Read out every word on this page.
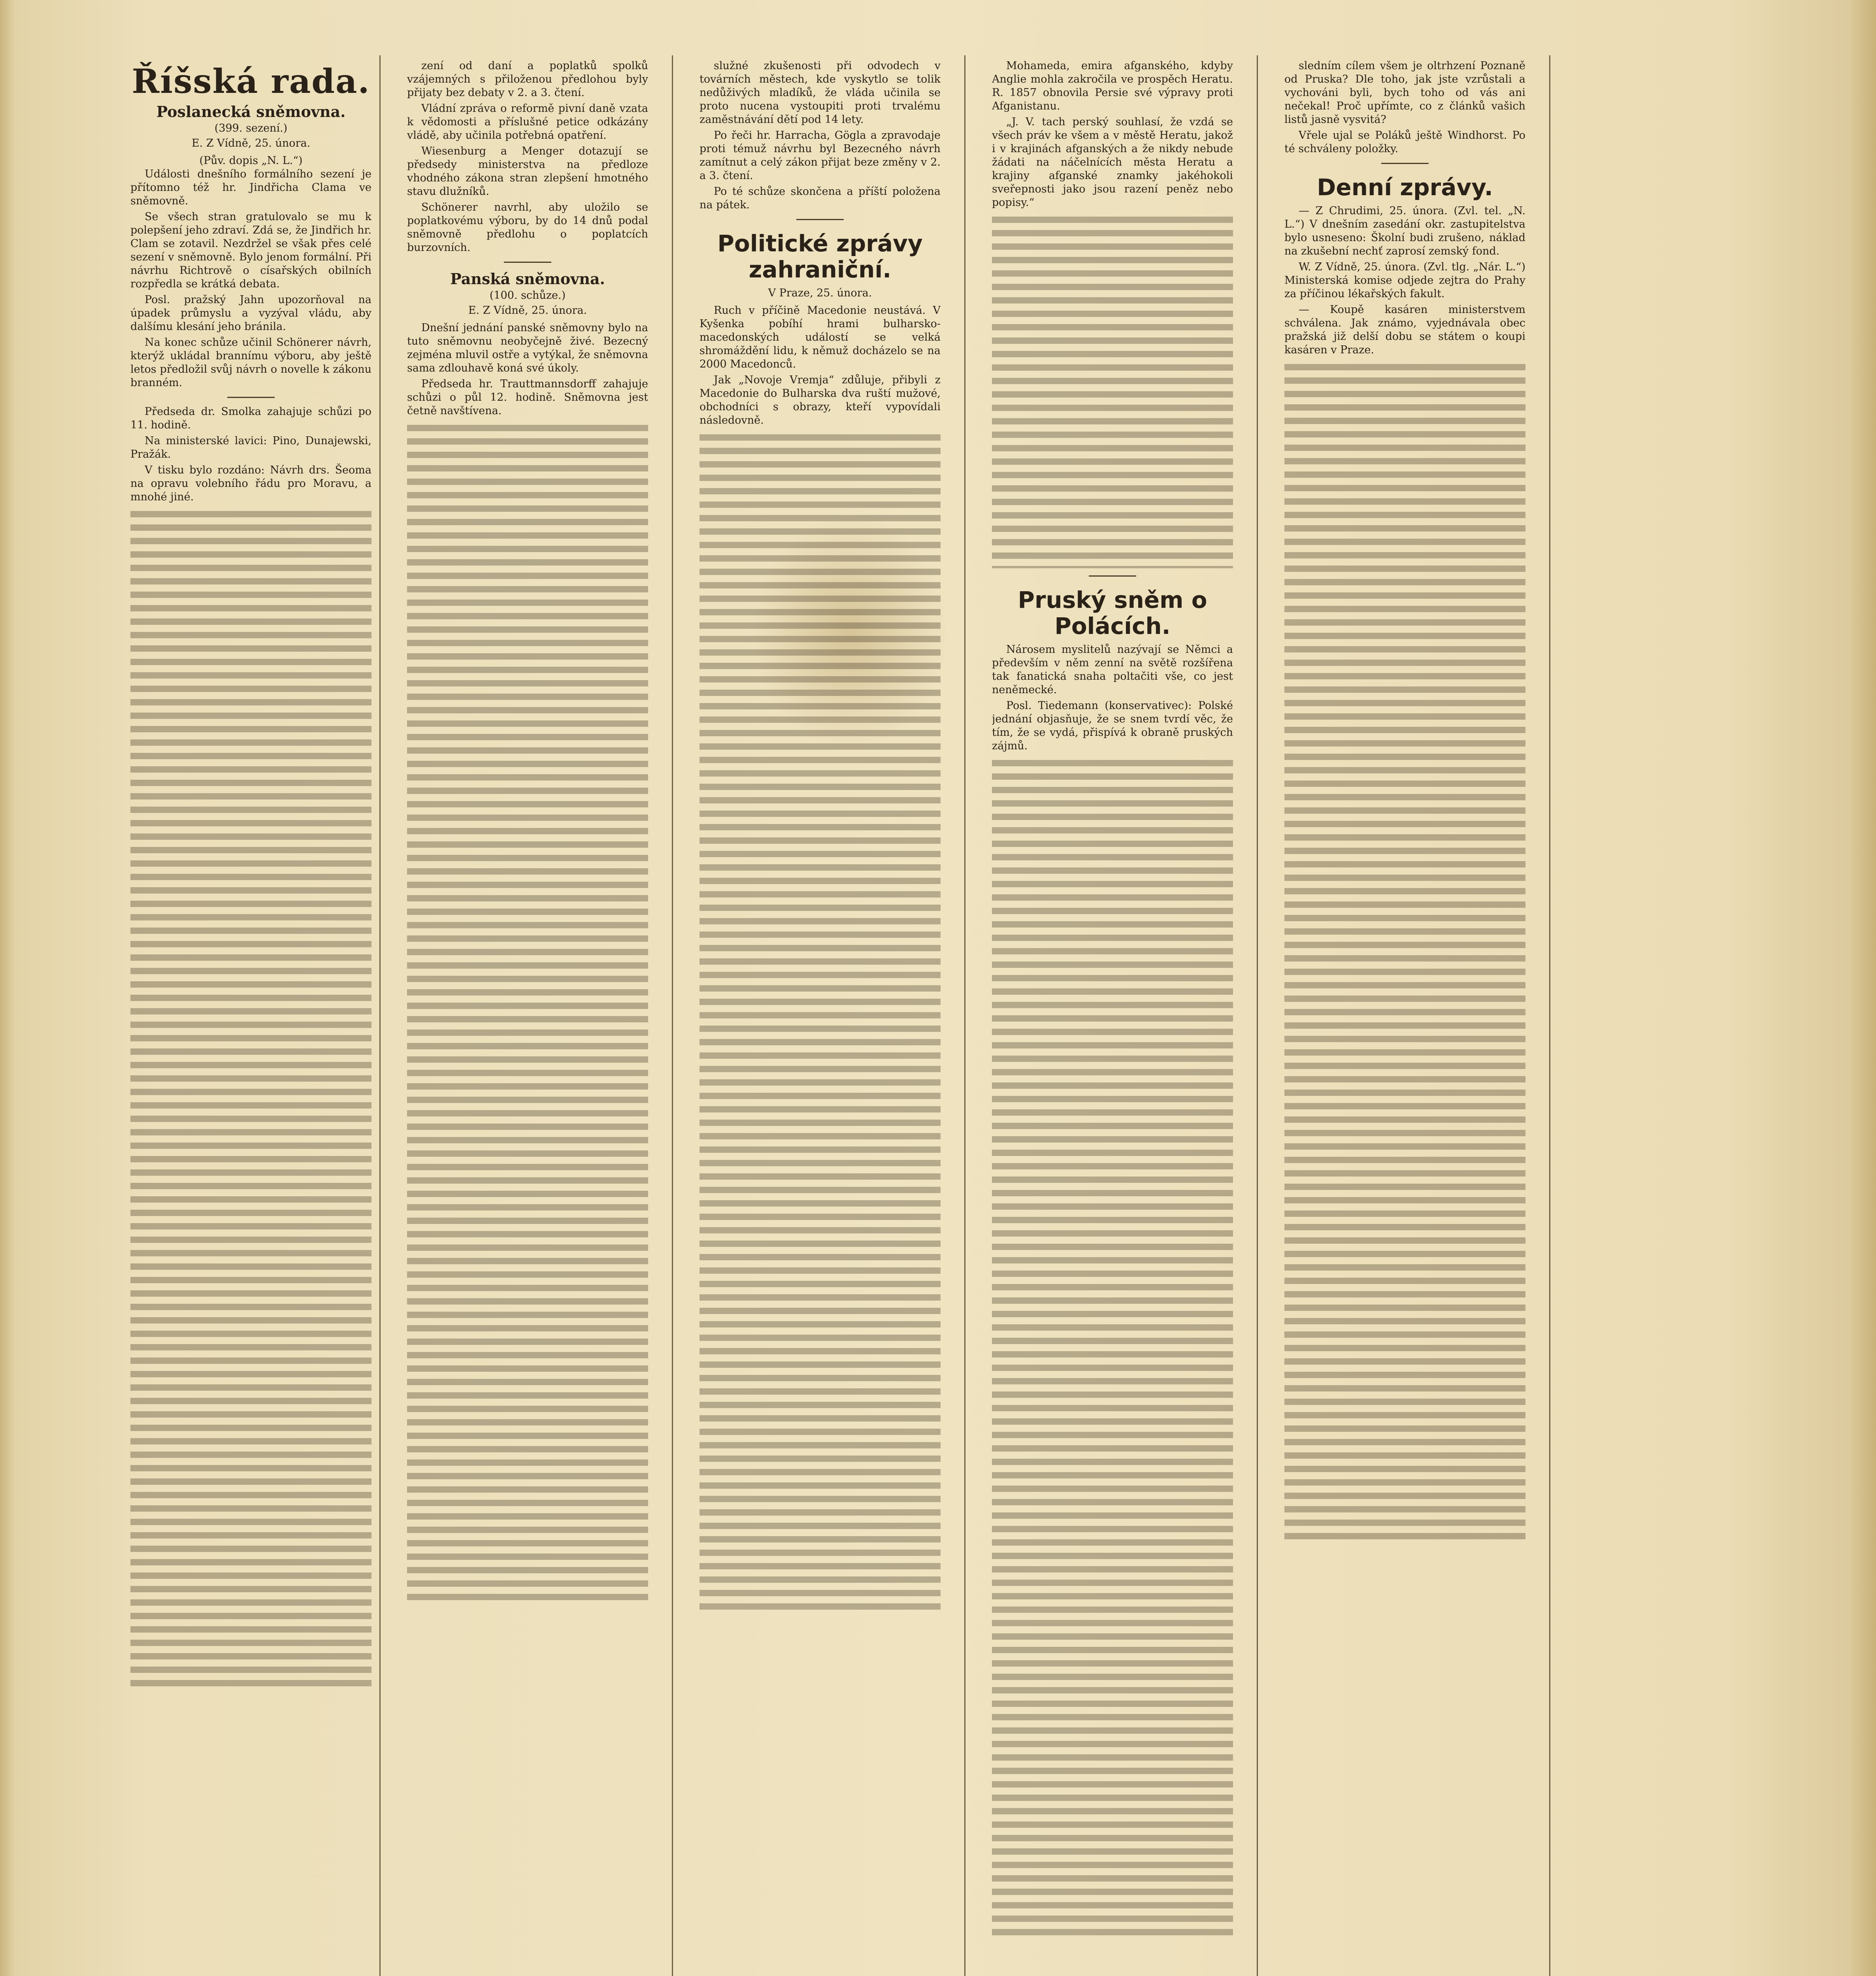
Říšská rada.
Poslanecká sněmovna.
(399. sezení.)
E. Z Vídně, 25. února.
(Pův. dopis „N. L.“)

Události dnešního formálního sezení je přítomno též hr. Jindřicha Clama ve sněmovně.

Se všech stran gratulovalo se mu k polepšení jeho zdraví. Zdá se, že Jindřich hr. Clam se zotavil. Nezdržel se však přes celé sezení v sněmovně. Bylo jenom formální. Při návrhu Richtrově o císařských obilních rozpředla se krátká debata.

Posl. pražský Jahn upozorňoval na úpadek průmyslu a vyzýval vládu, aby dalšímu klesání jeho bránila.

Na konec schůze učinil Schönerer návrh, kterýž ukládal brannímu výboru, aby ještě letos předložil svůj návrh o novelle k zákonu branném.

Předseda dr. Smolka zahajuje schůzi po 11. hodině.

Na ministerské lavici: Pino, Dunajewski, Pražák.

V tisku bylo rozdáno: Návrh drs. Šeoma na opravu volebního řádu pro Moravu, a mnohé jiné.

zení od daní a poplatků spolků vzájemných s přiloženou předlohou byly přijaty bez debaty v 2. a 3. čtení.

Vládní zpráva o reformě pivní daně vzata k vědomosti a příslušné petice odkázány vládě, aby učinila potřebná opatření.

Wiesenburg a Menger dotazují se předsedy ministerstva na předloze vhodného zákona stran zlepšení hmotného stavu dlužníků.

Schönerer navrhl, aby uložilo se poplatkovému výboru, by do 14 dnů podal sněmovně předlohu o poplatcích burzovních.

Panská sněmovna.
(100. schůze.)
E. Z Vídně, 25. února.

Dnešní jednání panské sněmovny bylo na tuto sněmovnu neobyčejně živé. Bezecný zejména mluvil ostře a vytýkal, že sněmovna sama zdlouhavě koná své úkoly.

Předseda hr. Trauttmannsdorff zahajuje schůzi o půl 12. hodině. Sněmovna jest četně navštívena.

služné zkušenosti při odvodech v továrních městech, kde vyskytlo se tolik nedůživých mladíků, že vláda učinila se proto nucena vystoupiti proti trvalému zaměstnávání dětí pod 14 lety.

Po řeči hr. Harracha, Gögla a zpravodaje proti témuž návrhu byl Bezecného návrh zamítnut a celý zákon přijat beze změny v 2. a 3. čtení.

Po té schůze skončena a příští položena na pátek.

Politické zprávy zahraniční.
V Praze, 25. února.

Ruch v příčině Macedonie neustává. V Kyšenka pobíhí hrami bulharsko-macedonských událostí se velká shromáždění lidu, k němuž docházelo se na 2000 Macedonců.

Jak „Novoje Vremja“ zdůluje, přibyli z Macedonie do Bulharska dva ruští mužové, obchodníci s obrazy, kteří vypovídali následovně.

Mohameda, emira afganského, kdyby Anglie mohla zakročila ve prospěch Heratu. R. 1857 obnovila Persie své výpravy proti Afganistanu.

„J. V. tach perský souhlasí, že vzdá se všech práv ke všem a v městě Heratu, jakož i v krajinách afganských a že nikdy nebude žádati na náčelnících města Heratu a krajiny afganské znamky jakéhokoli sveřepnosti jako jsou razení peněz nebo popisy.“

Pruský sněm o Polácích.

Nárosem myslitelů nazývají se Němci a především v něm zenní na světě rozšířena tak fanatická snaha poltačiti vše, co jest neněmecké.

Posl. Tiedemann (konservativec): Polské jednání objasňuje, že se snem tvrdí věc, že tím, že se vydá, přispívá k obraně pruských zájmů.

sledním cílem všem je oltrhzení Poznaně od Pruska? Dle toho, jak jste vzrůstali a vychováni byli, bych toho od vás ani nečekal! Proč upřímte, co z článků vašich listů jasně vysvitá?

Vřele ujal se Poláků ještě Windhorst. Po té schváleny položky.

Denní zprávy.

— Z Chrudimi, 25. února. (Zvl. tel. „N. L.“) V dnešním zasedání okr. zastupitelstva bylo usneseno: Školní budi zrušeno, náklad na zkušební nechť zaprosí zemský fond.

W. Z Vídně, 25. února. (Zvl. tlg. „Nár. L.“) Ministerská komise odjede zejtra do Prahy za příčinou lékařských fakult.

— Koupě kasáren ministerstvem schválena. Jak známo, vyjednávala obec pražská již delší dobu se státem o koupi kasáren v Praze.
